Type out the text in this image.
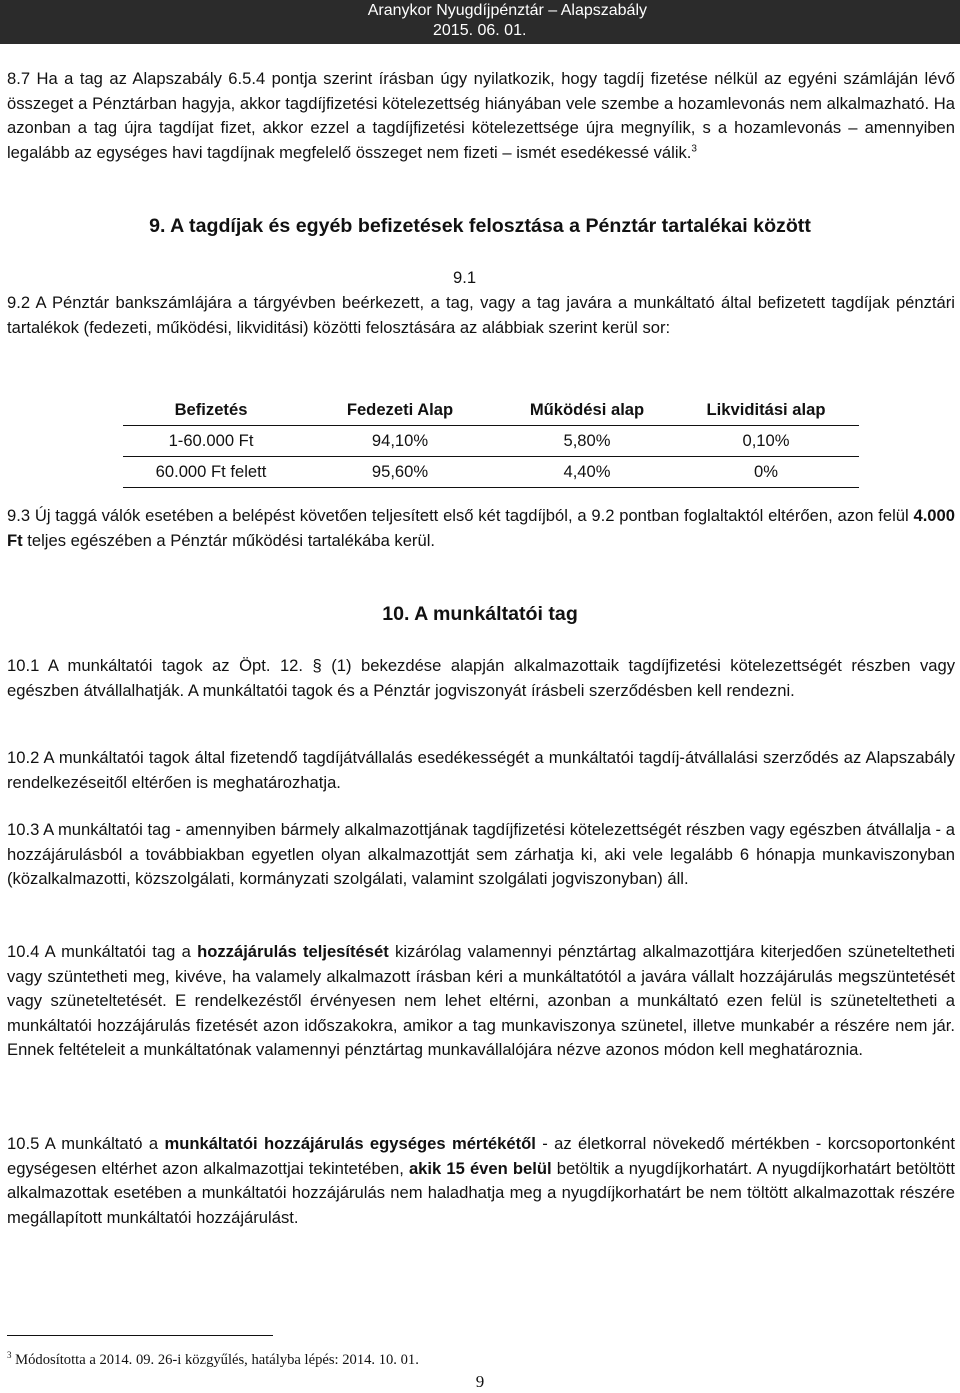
Aranykor Nyugdíjpénztár – Alapszabály
2015. 06. 01.

8.7 Ha a tag az Alapszabály 6.5.4 pontja szerint írásban úgy nyilatkozik, hogy tagdíj fizetése nélkül az egyéni számláján lévő összeget a Pénztárban hagyja, akkor tagdíjfizetési kötelezettség hiányában vele szembe a hozamlevonás nem alkalmazható. Ha azonban a tag újra tagdíjat fizet, akkor ezzel a tagdíjfizetési kötelezettsége újra megnyílik, s a hozamlevonás – amennyiben legalább az egységes havi tagdíjnak megfelelő összeget nem fizeti – ismét esedékessé válik.$^3$

9. A tagdíjak és egyéb befizetések felosztása a Pénztár tartalékai között

9.1

9.2 A Pénztár bankszámlájára a tárgyévben beérkezett, a tag, vagy a tag javára a munkáltató által befizetett tagdíjak pénztári tartalékok (fedezeti, működési, likviditási) közötti felosztására az alábbiak szerint kerül sor:

Befizetés	Fedezeti Alap	Működési alap	Likviditási alap
1-60.000 Ft	94,10%	5,80%	0,10%
60.000 Ft felett	95,60%	4,40%	0%

9.3 Új taggá válók esetében a belépést követően teljesített első két tagdíjból, a 9.2 pontban foglaltaktól eltérően, azon felül 4.000 Ft teljes egészében a Pénztár működési tartalékába kerül.

10. A munkáltatói tag

10.1 A munkáltatói tagok az Öpt. 12. § (1) bekezdése alapján alkalmazottaik tagdíjfizetési kötelezettségét részben vagy egészben átvállalhatják. A munkáltatói tagok és a Pénztár jogviszonyát írásbeli szerződésben kell rendezni.

10.2 A munkáltatói tagok által fizetendő tagdíjátvállalás esedékességét a munkáltatói tagdíj-átvállalási szerződés az Alapszabály rendelkezéseitől eltérően is meghatározhatja.

10.3 A munkáltatói tag - amennyiben bármely alkalmazottjának tagdíjfizetési kötelezettségét részben vagy egészben átvállalja - a hozzájárulásból a továbbiakban egyetlen olyan alkalmazottját sem zárhatja ki, aki vele legalább 6 hónapja munkaviszonyban (közalkalmazotti, közszolgálati, kormányzati szolgálati, valamint szolgálati jogviszonyban) áll.

10.4 A munkáltatói tag a hozzájárulás teljesítését kizárólag valamennyi pénztártag alkalmazottjára kiterjedően szüneteltetheti vagy szüntetheti meg, kivéve, ha valamely alkalmazott írásban kéri a munkáltatótól a javára vállalt hozzájárulás megszüntetését vagy szüneteltetését. E rendelkezéstől érvényesen nem lehet eltérni, azonban a munkáltató ezen felül is szüneteltetheti a munkáltatói hozzájárulás fizetését azon időszakokra, amikor a tag munkaviszonya szünetel, illetve munkabér a részére nem jár. Ennek feltételeit a munkáltatónak valamennyi pénztártag munkavállalójára nézve azonos módon kell meghatároznia.

10.5 A munkáltató a munkáltatói hozzájárulás egységes mértékétől - az életkorral növekedő mértékben - korcsoportonként egységesen eltérhet azon alkalmazottjai tekintetében, akik 15 éven belül betöltik a nyugdíjkorhatárt. A nyugdíjkorhatárt betöltött alkalmazottak esetében a munkáltatói hozzájárulás nem haladhatja meg a nyugdíjkorhatárt be nem töltött alkalmazottak részére megállapított munkáltatói hozzájárulást.

$^3$ Módosította a 2014. 09. 26-i közgyűlés, hatályba lépés: 2014. 10. 01.
9
